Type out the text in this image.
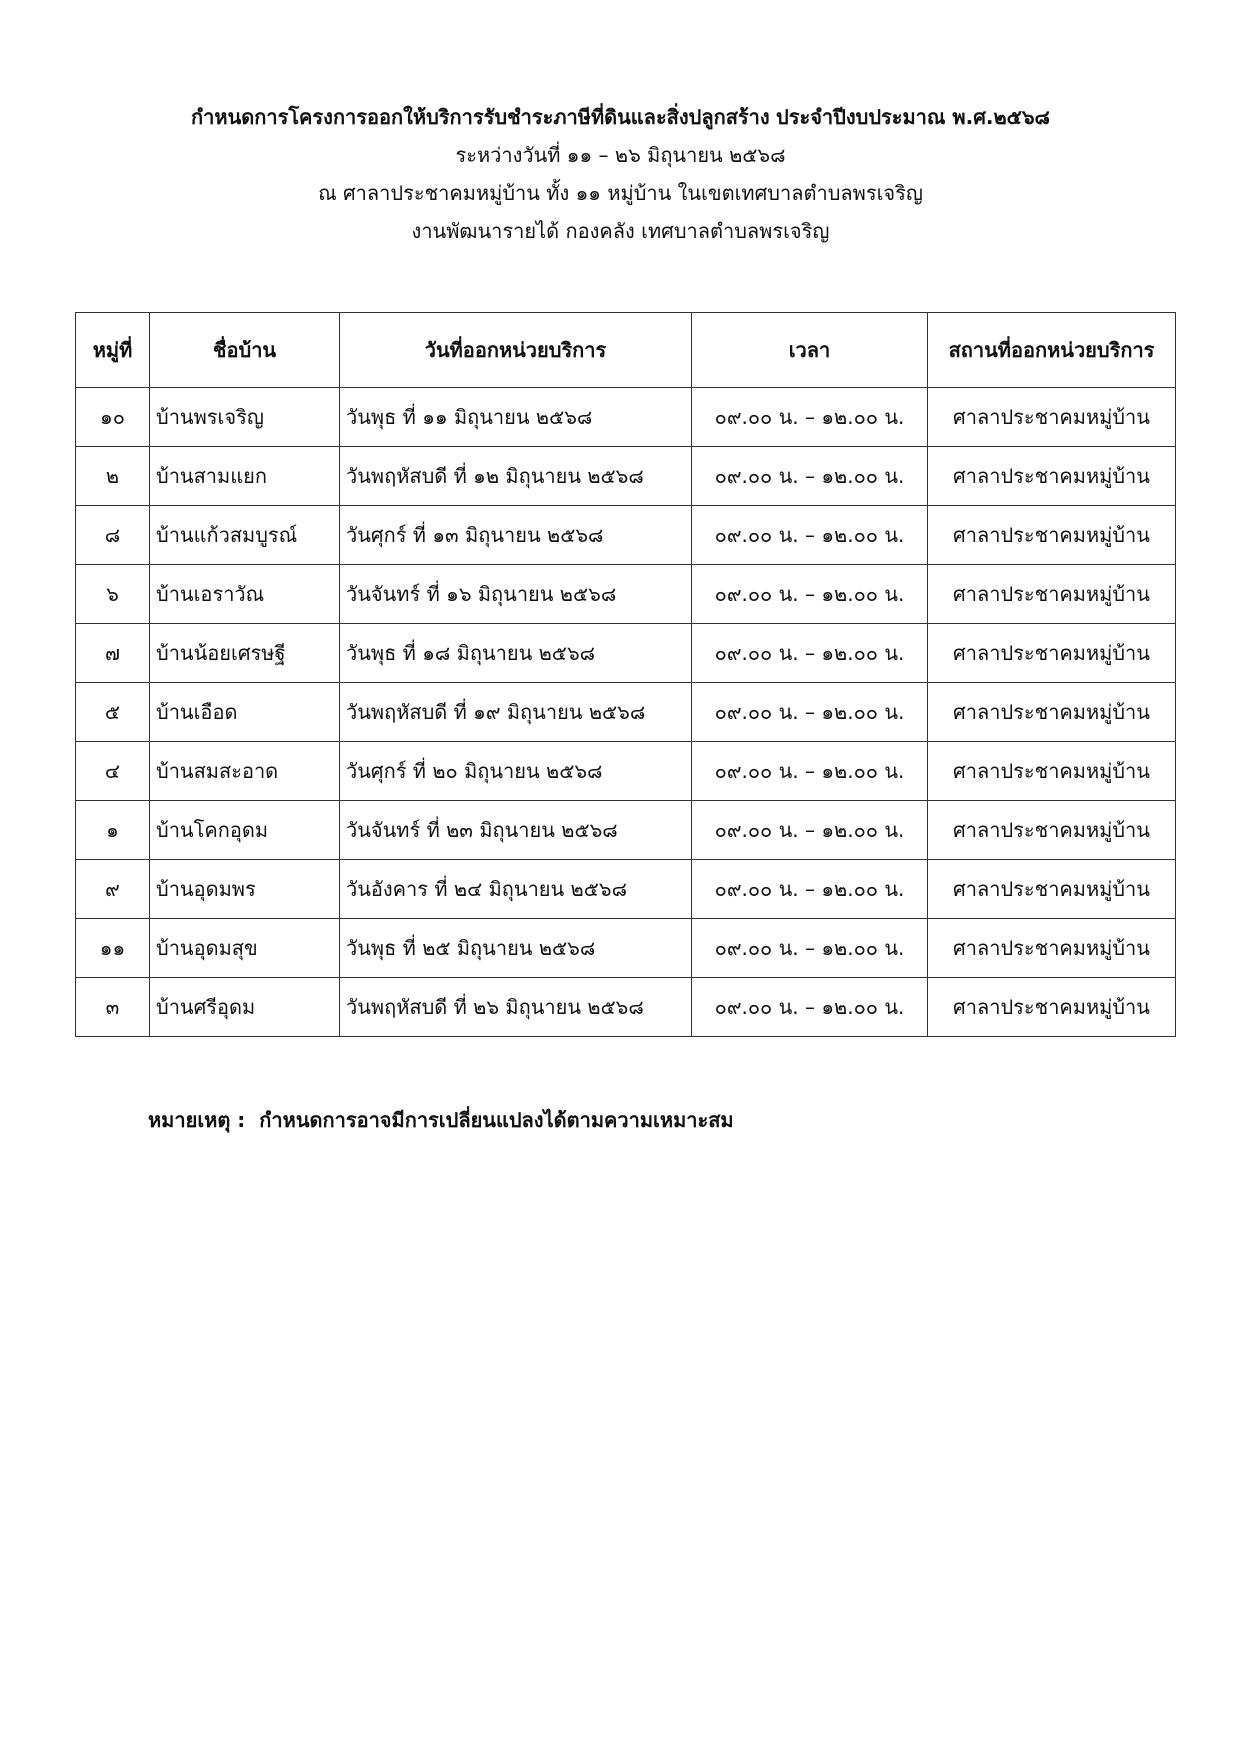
กำหนดการโครงการออกให้บริการรับชำระภาษีที่ดินและสิ่งปลูกสร้าง ประจำปีงบประมาณ พ.ศ.๒๕๖๘
ระหว่างวันที่ ๑๑ – ๒๖ มิถุนายน ๒๕๖๘
ณ ศาลาประชาคมหมู่บ้าน ทั้ง ๑๑ หมู่บ้าน ในเขตเทศบาลตำบลพรเจริญ
งานพัฒนารายได้ กองคลัง เทศบาลตำบลพรเจริญ
หมู่ที่	ชื่อบ้าน	วันที่ออกหน่วยบริการ	เวลา	สถานที่ออกหน่วยบริการ
๑๐	บ้านพรเจริญ	วันพุธ ที่ ๑๑ มิถุนายน ๒๕๖๘	๐๙.๐๐ น. – ๑๒.๐๐ น.	ศาลาประชาคมหมู่บ้าน
๒	บ้านสามแยก	วันพฤหัสบดี ที่ ๑๒ มิถุนายน ๒๕๖๘	๐๙.๐๐ น. – ๑๒.๐๐ น.	ศาลาประชาคมหมู่บ้าน
๘	บ้านแก้วสมบูรณ์	วันศุกร์ ที่ ๑๓ มิถุนายน ๒๕๖๘	๐๙.๐๐ น. – ๑๒.๐๐ น.	ศาลาประชาคมหมู่บ้าน
๖	บ้านเอราวัณ	วันจันทร์ ที่ ๑๖ มิถุนายน ๒๕๖๘	๐๙.๐๐ น. – ๑๒.๐๐ น.	ศาลาประชาคมหมู่บ้าน
๗	บ้านน้อยเศรษฐี	วันพุธ ที่ ๑๘ มิถุนายน ๒๕๖๘	๐๙.๐๐ น. – ๑๒.๐๐ น.	ศาลาประชาคมหมู่บ้าน
๕	บ้านเอือด	วันพฤหัสบดี ที่ ๑๙ มิถุนายน ๒๕๖๘	๐๙.๐๐ น. – ๑๒.๐๐ น.	ศาลาประชาคมหมู่บ้าน
๔	บ้านสมสะอาด	วันศุกร์ ที่ ๒๐ มิถุนายน ๒๕๖๘	๐๙.๐๐ น. – ๑๒.๐๐ น.	ศาลาประชาคมหมู่บ้าน
๑	บ้านโคกอุดม	วันจันทร์ ที่ ๒๓ มิถุนายน ๒๕๖๘	๐๙.๐๐ น. – ๑๒.๐๐ น.	ศาลาประชาคมหมู่บ้าน
๙	บ้านอุดมพร	วันอังคาร ที่ ๒๔ มิถุนายน ๒๕๖๘	๐๙.๐๐ น. – ๑๒.๐๐ น.	ศาลาประชาคมหมู่บ้าน
๑๑	บ้านอุดมสุข	วันพุธ ที่ ๒๕ มิถุนายน ๒๕๖๘	๐๙.๐๐ น. – ๑๒.๐๐ น.	ศาลาประชาคมหมู่บ้าน
๓	บ้านศรีอุดม	วันพฤหัสบดี ที่ ๒๖ มิถุนายน ๒๕๖๘	๐๙.๐๐ น. – ๑๒.๐๐ น.	ศาลาประชาคมหมู่บ้าน
หมายเหตุ : กำหนดการอาจมีการเปลี่ยนแปลงได้ตามความเหมาะสม
